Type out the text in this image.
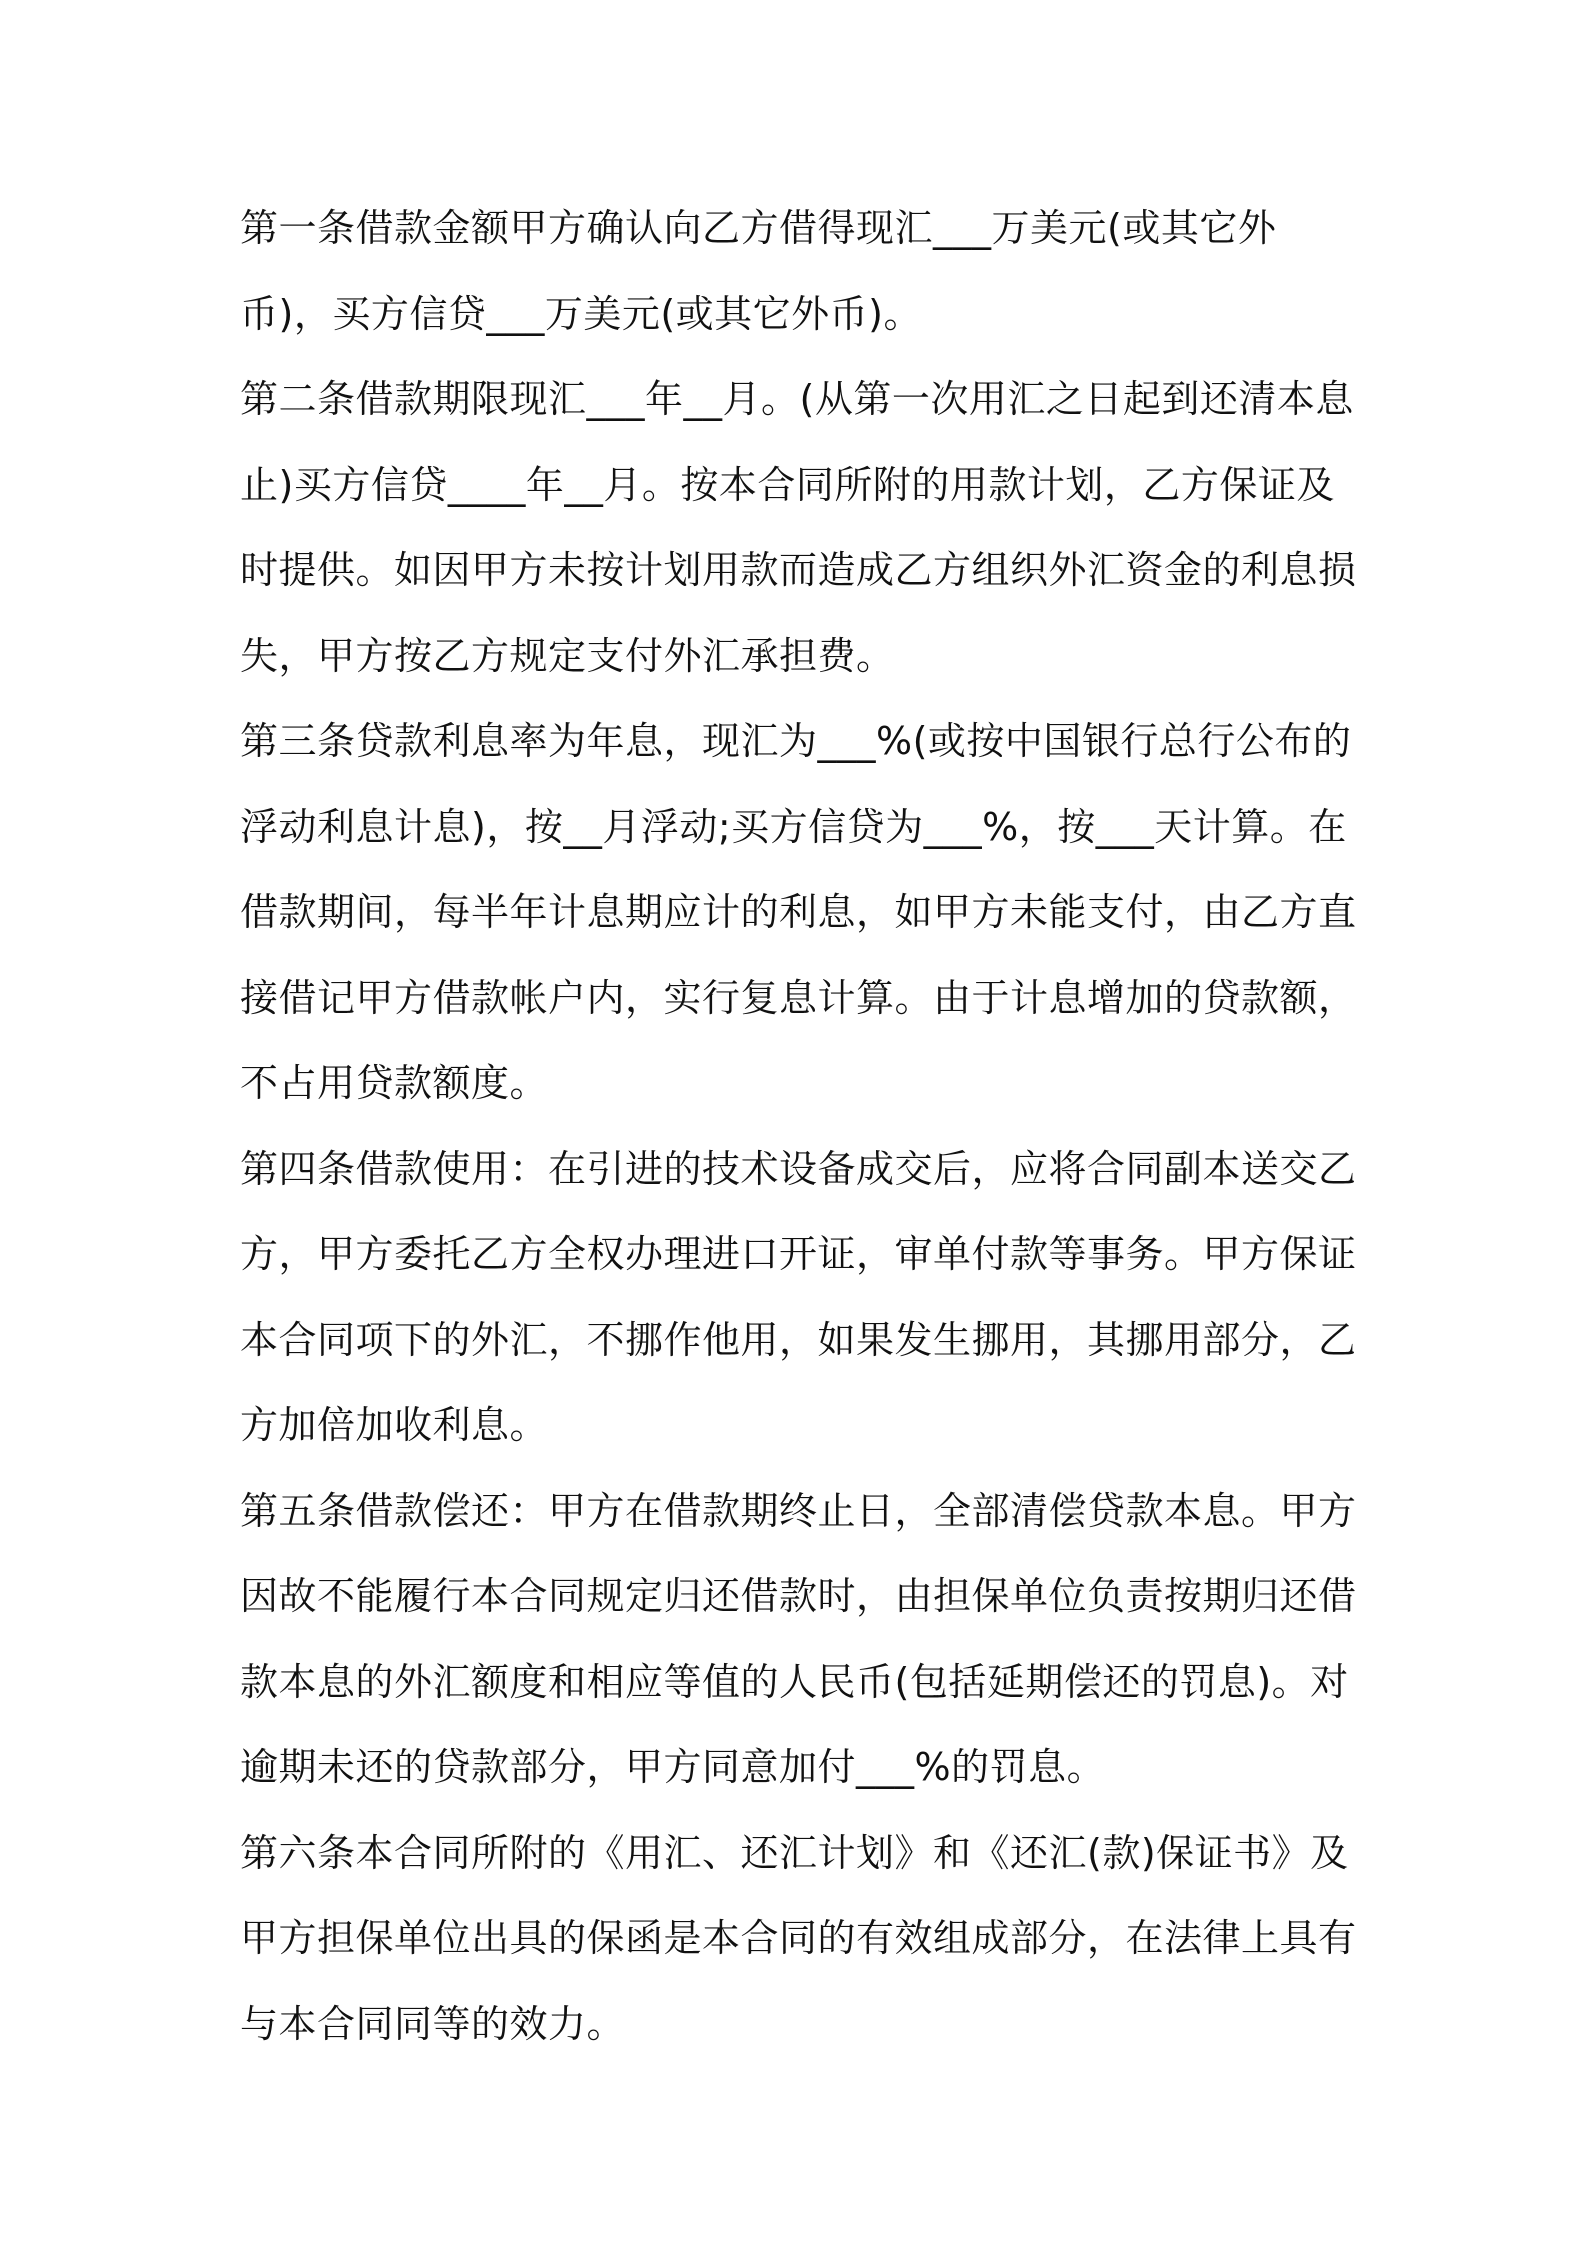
第一条借款金额甲方确认向乙方借得现汇___万美元(或其它外币)，买方信贷___万美元(或其它外币)。

第二条借款期限现汇___年__月。(从第一次用汇之日起到还清本息止)买方信贷____年__月。按本合同所附的用款计划，乙方保证及时提供。如因甲方未按计划用款而造成乙方组织外汇资金的利息损失，甲方按乙方规定支付外汇承担费。

第三条贷款利息率为年息，现汇为___%(或按中国银行总行公布的浮动利息计息)，按__月浮动;买方信贷为___%，按___天计算。在借款期间，每半年计息期应计的利息，如甲方未能支付，由乙方直接借记甲方借款帐户内，实行复息计算。由于计息增加的贷款额，不占用贷款额度。

第四条借款使用：在引进的技术设备成交后，应将合同副本送交乙方，甲方委托乙方全权办理进口开证，审单付款等事务。甲方保证本合同项下的外汇，不挪作他用，如果发生挪用，其挪用部分，乙方加倍加收利息。

第五条借款偿还：甲方在借款期终止日，全部清偿贷款本息。甲方因故不能履行本合同规定归还借款时，由担保单位负责按期归还借款本息的外汇额度和相应等值的人民币(包括延期偿还的罚息)。对逾期未还的贷款部分，甲方同意加付___%的罚息。

第六条本合同所附的《用汇、还汇计划》和《还汇(款)保证书》及甲方担保单位出具的保函是本合同的有效组成部分，在法律上具有与本合同同等的效力。
